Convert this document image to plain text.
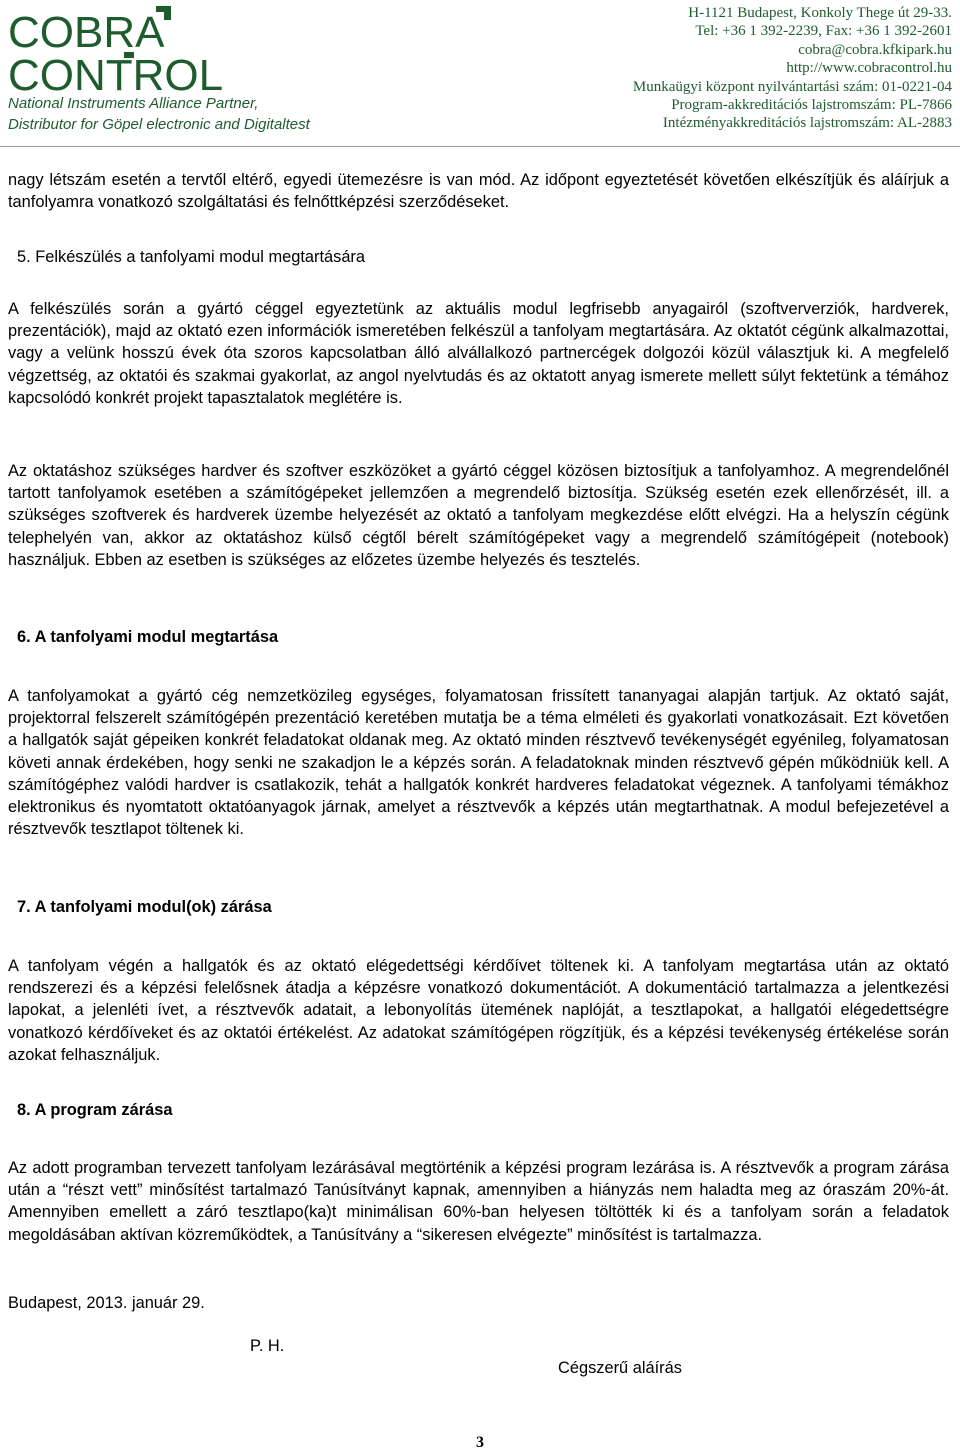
COBRA
CONTROL
National Instruments Alliance Partner,
Distributor for Göpel electronic and Digitaltest
H-1121 Budapest, Konkoly Thege út 29-33.
Tel: +36 1 392-2239, Fax: +36 1 392-2601
cobra@cobra.kfkipark.hu
http://www.cobracontrol.hu
Munkaügyi központ nyilvántartási szám: 01-0221-04
Program-akkreditációs lajstromszám: PL-7866
Intézményakkreditációs lajstromszám: AL-2883
nagy létszám esetén a tervtől eltérő, egyedi ütemezésre is van mód. Az időpont egyeztetését követően elkészítjük és aláírjuk a tanfolyamra vonatkozó szolgáltatási és felnőttképzési szerződéseket.
5. Felkészülés a tanfolyami modul megtartására
A felkészülés során a gyártó céggel egyeztetünk az aktuális modul legfrisebb anyagairól (szoftververziók, hardverek, prezentációk), majd az oktató ezen információk ismeretében felkészül a tanfolyam megtartására. Az oktatót cégünk alkalmazottai, vagy a velünk hosszú évek óta szoros kapcsolatban álló alvállalkozó partnercégek dolgozói közül választjuk ki. A megfelelő végzettség, az oktatói és szakmai gyakorlat, az angol nyelvtudás és az oktatott anyag ismerete mellett súlyt fektetünk a témához kapcsolódó konkrét projekt tapasztalatok meglétére is.
Az oktatáshoz szükséges hardver és szoftver eszközöket a gyártó céggel közösen biztosítjuk a tanfolyamhoz. A megrendelőnél tartott tanfolyamok esetében a számítógépeket jellemzően a megrendelő biztosítja. Szükség esetén ezek ellenőrzését, ill. a szükséges szoftverek és hardverek üzembe helyezését az oktató a tanfolyam megkezdése előtt elvégzi. Ha a helyszín cégünk telephelyén van, akkor az oktatáshoz külső cégtől bérelt számítógépeket vagy a megrendelő számítógépeit (notebook) használjuk. Ebben az esetben is szükséges az előzetes üzembe helyezés és tesztelés.
6. A tanfolyami modul megtartása
A tanfolyamokat a gyártó cég nemzetközileg egységes, folyamatosan frissített tananyagai alapján tartjuk. Az oktató saját, projektorral felszerelt számítógépén prezentáció keretében mutatja be a téma elméleti és gyakorlati vonatkozásait. Ezt követően a hallgatók saját gépeiken konkrét feladatokat oldanak meg. Az oktató minden résztvevő tevékenységét egyénileg, folyamatosan követi annak érdekében, hogy senki ne szakadjon le a képzés során. A feladatoknak minden résztvevő gépén működniük kell. A számítógéphez valódi hardver is csatlakozik, tehát a hallgatók konkrét hardveres feladatokat végeznek. A tanfolyami témákhoz elektronikus és nyomtatott oktatóanyagok járnak, amelyet a résztvevők a képzés után megtarthatnak. A modul befejezetével a résztvevők tesztlapot töltenek ki.
7. A tanfolyami modul(ok) zárása
A tanfolyam végén a hallgatók és az oktató elégedettségi kérdőívet töltenek ki. A tanfolyam megtartása után az oktató rendszerezi és a képzési felelősnek átadja a képzésre vonatkozó dokumentációt. A dokumentáció tartalmazza a jelentkezési lapokat, a jelenléti ívet, a résztvevők adatait, a lebonyolítás ütemének naplóját, a tesztlapokat, a hallgatói elégedettségre vonatkozó kérdőíveket és az oktatói értékelést. Az adatokat számítógépen rögzítjük, és a képzési tevékenység értékelése során azokat felhasználjuk.
8. A program zárása
Az adott programban tervezett tanfolyam lezárásával megtörténik a képzési program lezárása is. A résztvevők a program zárása után a “részt vett” minősítést tartalmazó Tanúsítványt kapnak, amennyiben a hiányzás nem haladta meg az óraszám 20%-át. Amennyiben emellett a záró tesztlapo(ka)t minimálisan 60%-ban helyesen töltötték ki és a tanfolyam során a feladatok megoldásában aktívan közreműködtek, a Tanúsítvány a “sikeresen elvégezte” minősítést is tartalmazza.
Budapest, 2013. január 29.
P. H.
Cégszerű aláírás
3
